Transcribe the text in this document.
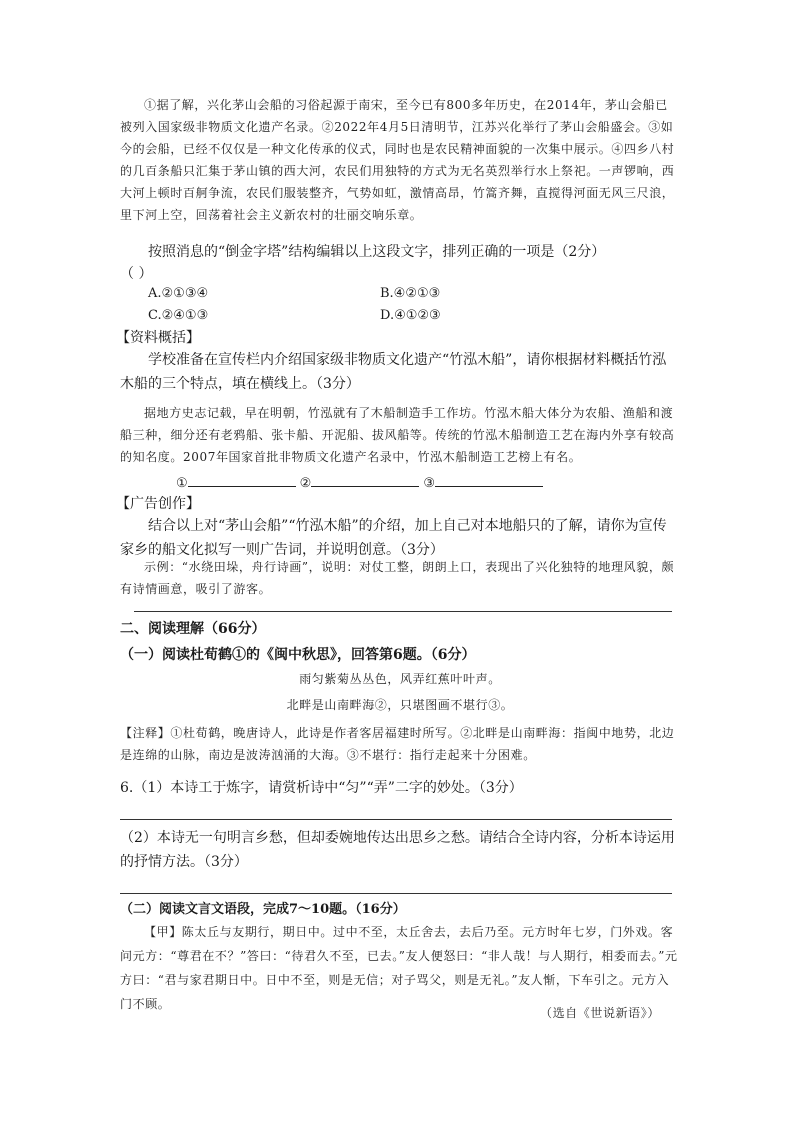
①据了解，兴化茅山会船的习俗起源于南宋，至今已有800多年历史，在2014年，茅山会船已被列入国家级非物质文化遗产名录。②2022年4月5日清明节，江苏兴化举行了茅山会船盛会。③如今的会船，已经不仅仅是一种文化传承的仪式，同时也是农民精神面貌的一次集中展示。④四乡八村的几百条船只汇集于茅山镇的西大河，农民们用独特的方式为无名英烈举行水上祭祀。一声锣响，西大河上顿时百舸争流，农民们服装整齐，气势如虹，激情高昂，竹篙齐舞，直搅得河面无风三尺浪，里下河上空，回荡着社会主义新农村的壮丽交响乐章。

按照消息的“倒金字塔”结构编辑以上这段文字，排列正确的一项是（2分）

（ ）
A.②①③④	B.④②①③
C.②④①③	D.④①②③
【资料概括】

学校准备在宣传栏内介绍国家级非物质文化遗产“竹泓木船”，请你根据材料概括竹泓木船的三个特点，填在横线上。（3分）

据地方史志记载，早在明朝，竹泓就有了木船制造手工作坊。竹泓木船大体分为农船、渔船和渡船三种，细分还有老鸦船、张卡船、开泥船、拔风船等。传统的竹泓木船制造工艺在海内外享有较高的知名度。2007年国家首批非物质文化遗产名录中，竹泓木船制造工艺榜上有名。

①	②	③
【广告创作】

结合以上对“茅山会船”“竹泓木船”的介绍，加上自己对本地船只的了解，请你为宣传家乡的船文化拟写一则广告词，并说明创意。（3分）

示例：“水绕田垛，舟行诗画”，说明：对仗工整，朗朗上口，表现出了兴化独特的地理风貌，颇有诗情画意，吸引了游客。

二、阅读理解（66分）
（一）阅读杜荀鹤①的《闽中秋思》，回答第6题。（6分）
雨匀紫菊丛丛色，风弄红蕉叶叶声。
北畔是山南畔海②，只堪图画不堪行③。

【注释】①杜荀鹤，晚唐诗人，此诗是作者客居福建时所写。②北畔是山南畔海：指闽中地势，北边是连绵的山脉，南边是波涛汹涌的大海。③不堪行：指行走起来十分困难。

6.（1）本诗工于炼字，请赏析诗中“匀”“弄”二字的妙处。（3分）

（2）本诗无一句明言乡愁，但却委婉地传达出思乡之愁。请结合全诗内容，分析本诗运用的抒情方法。（3分）

（二）阅读文言文语段，完成7～10题。（16分）

【甲】陈太丘与友期行，期日中。过中不至，太丘舍去，去后乃至。元方时年七岁，门外戏。客问元方：“尊君在不？”答曰：“待君久不至，已去。”友人便怒曰：“非人哉！与人期行，相委而去。”元方曰：“君与家君期日中。日中不至，则是无信；对子骂父，则是无礼。”友人惭，下车引之。元方入门不顾。

（选自《世说新语》）
